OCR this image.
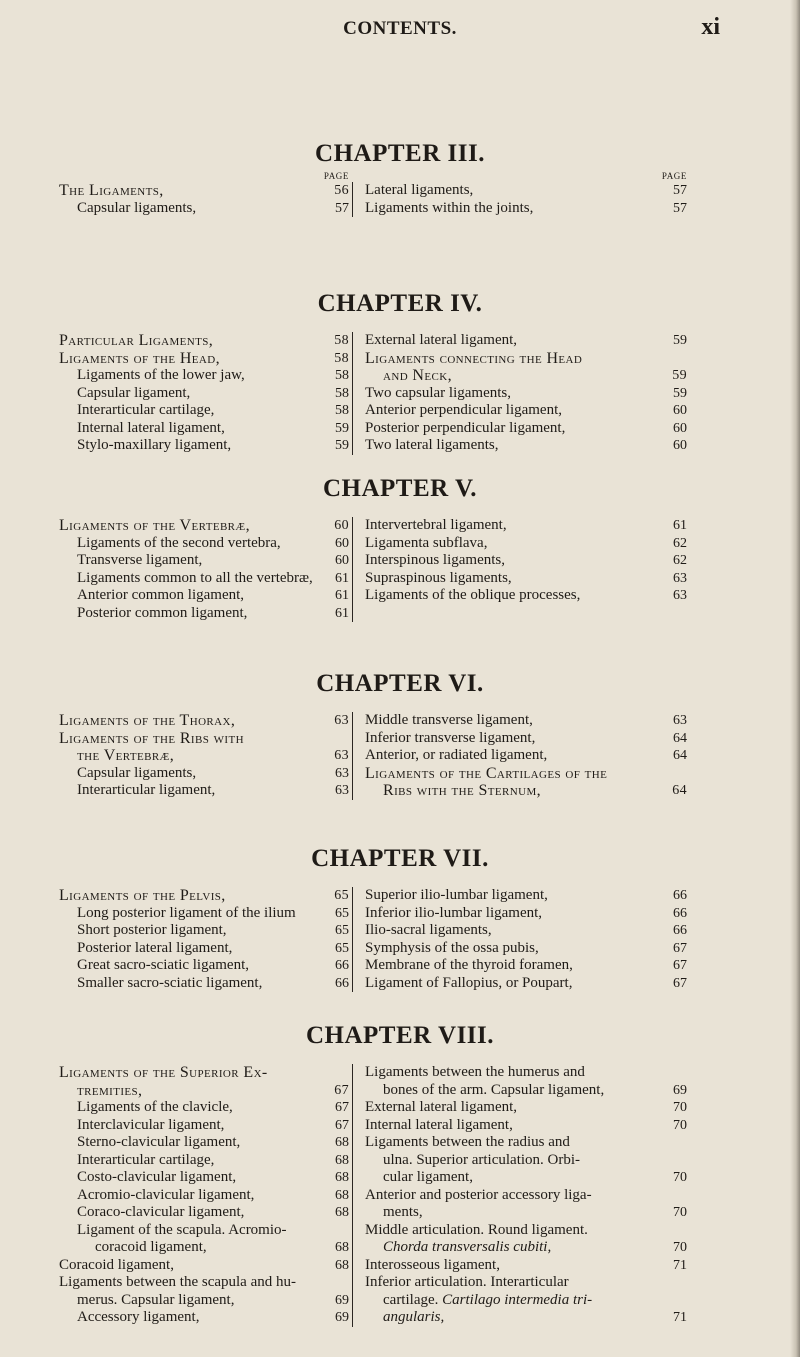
CONTENTS.	xi
CHAPTER III.
PAGE
The Ligaments,	56
Capsular ligaments,	57
PAGE
Lateral ligaments,	57
Ligaments within the joints,	57
CHAPTER IV.
Particular Ligaments,	58
Ligaments of the Head,	58
Ligaments of the lower jaw,	58
Capsular ligament,	58
Interarticular cartilage,	58
Internal lateral ligament,	59
Stylo-maxillary ligament,	59
External lateral ligament,	59
Ligaments connecting the Head
and Neck,	59
Two capsular ligaments,	59
Anterior perpendicular ligament,	60
Posterior perpendicular ligament,	60
Two lateral ligaments,	60
CHAPTER V.
Ligaments of the Vertebræ,	60
Ligaments of the second vertebra,	60
Transverse ligament,	60
Ligaments common to all the vertebræ, 61
Anterior common ligament,	61
Posterior common ligament,	61
Intervertebral ligament,	61
Ligamenta subflava,	62
Interspinous ligaments,	62
Supraspinous ligaments,	63
Ligaments of the oblique processes,	63
CHAPTER VI.
Ligaments of the Thorax,	63
Ligaments of the Ribs with
the Vertebræ,	63
Capsular ligaments,	63
Interarticular ligament,	63
Middle transverse ligament,	63
Inferior transverse ligament,	64
Anterior, or radiated ligament,	64
Ligaments of the Cartilages of the
Ribs with the Sternum,	64
CHAPTER VII.
Ligaments of the Pelvis,	65
Long posterior ligament of the ilium	65
Short posterior ligament,	65
Posterior lateral ligament,	65
Great sacro-sciatic ligament,	66
Smaller sacro-sciatic ligament,	66
Superior ilio-lumbar ligament,	66
Inferior ilio-lumbar ligament,	66
Ilio-sacral ligaments,	66
Symphysis of the ossa pubis,	67
Membrane of the thyroid foramen,	67
Ligament of Fallopius, or Poupart,	67
CHAPTER VIII.
Ligaments of the Superior Ex-
tremities,	67
Ligaments of the clavicle,	67
Interclavicular ligament,	67
Sterno-clavicular ligament,	68
Interarticular cartilage,	68
Costo-clavicular ligament,	68
Acromio-clavicular ligament,	68
Coraco-clavicular ligament,	68
Ligament of the scapula. Acromio-
coracoid ligament,	68
Coracoid ligament,	68
Ligaments between the scapula and hu-
merus. Capsular ligament,	69
Accessory ligament,	69
Ligaments between the humerus and
bones of the arm. Capsular ligament,	69
External lateral ligament,	70
Internal lateral ligament,	70
Ligaments between the radius and
ulna. Superior articulation. Orbi-
cular ligament,	70
Anterior and posterior accessory liga-
ments,	70
Middle articulation. Round ligament.
Chorda transversalis cubiti,	70
Interosseous ligament,	71
Inferior articulation. Interarticular
cartilage. Cartilago intermedia tri-
angularis,	71
